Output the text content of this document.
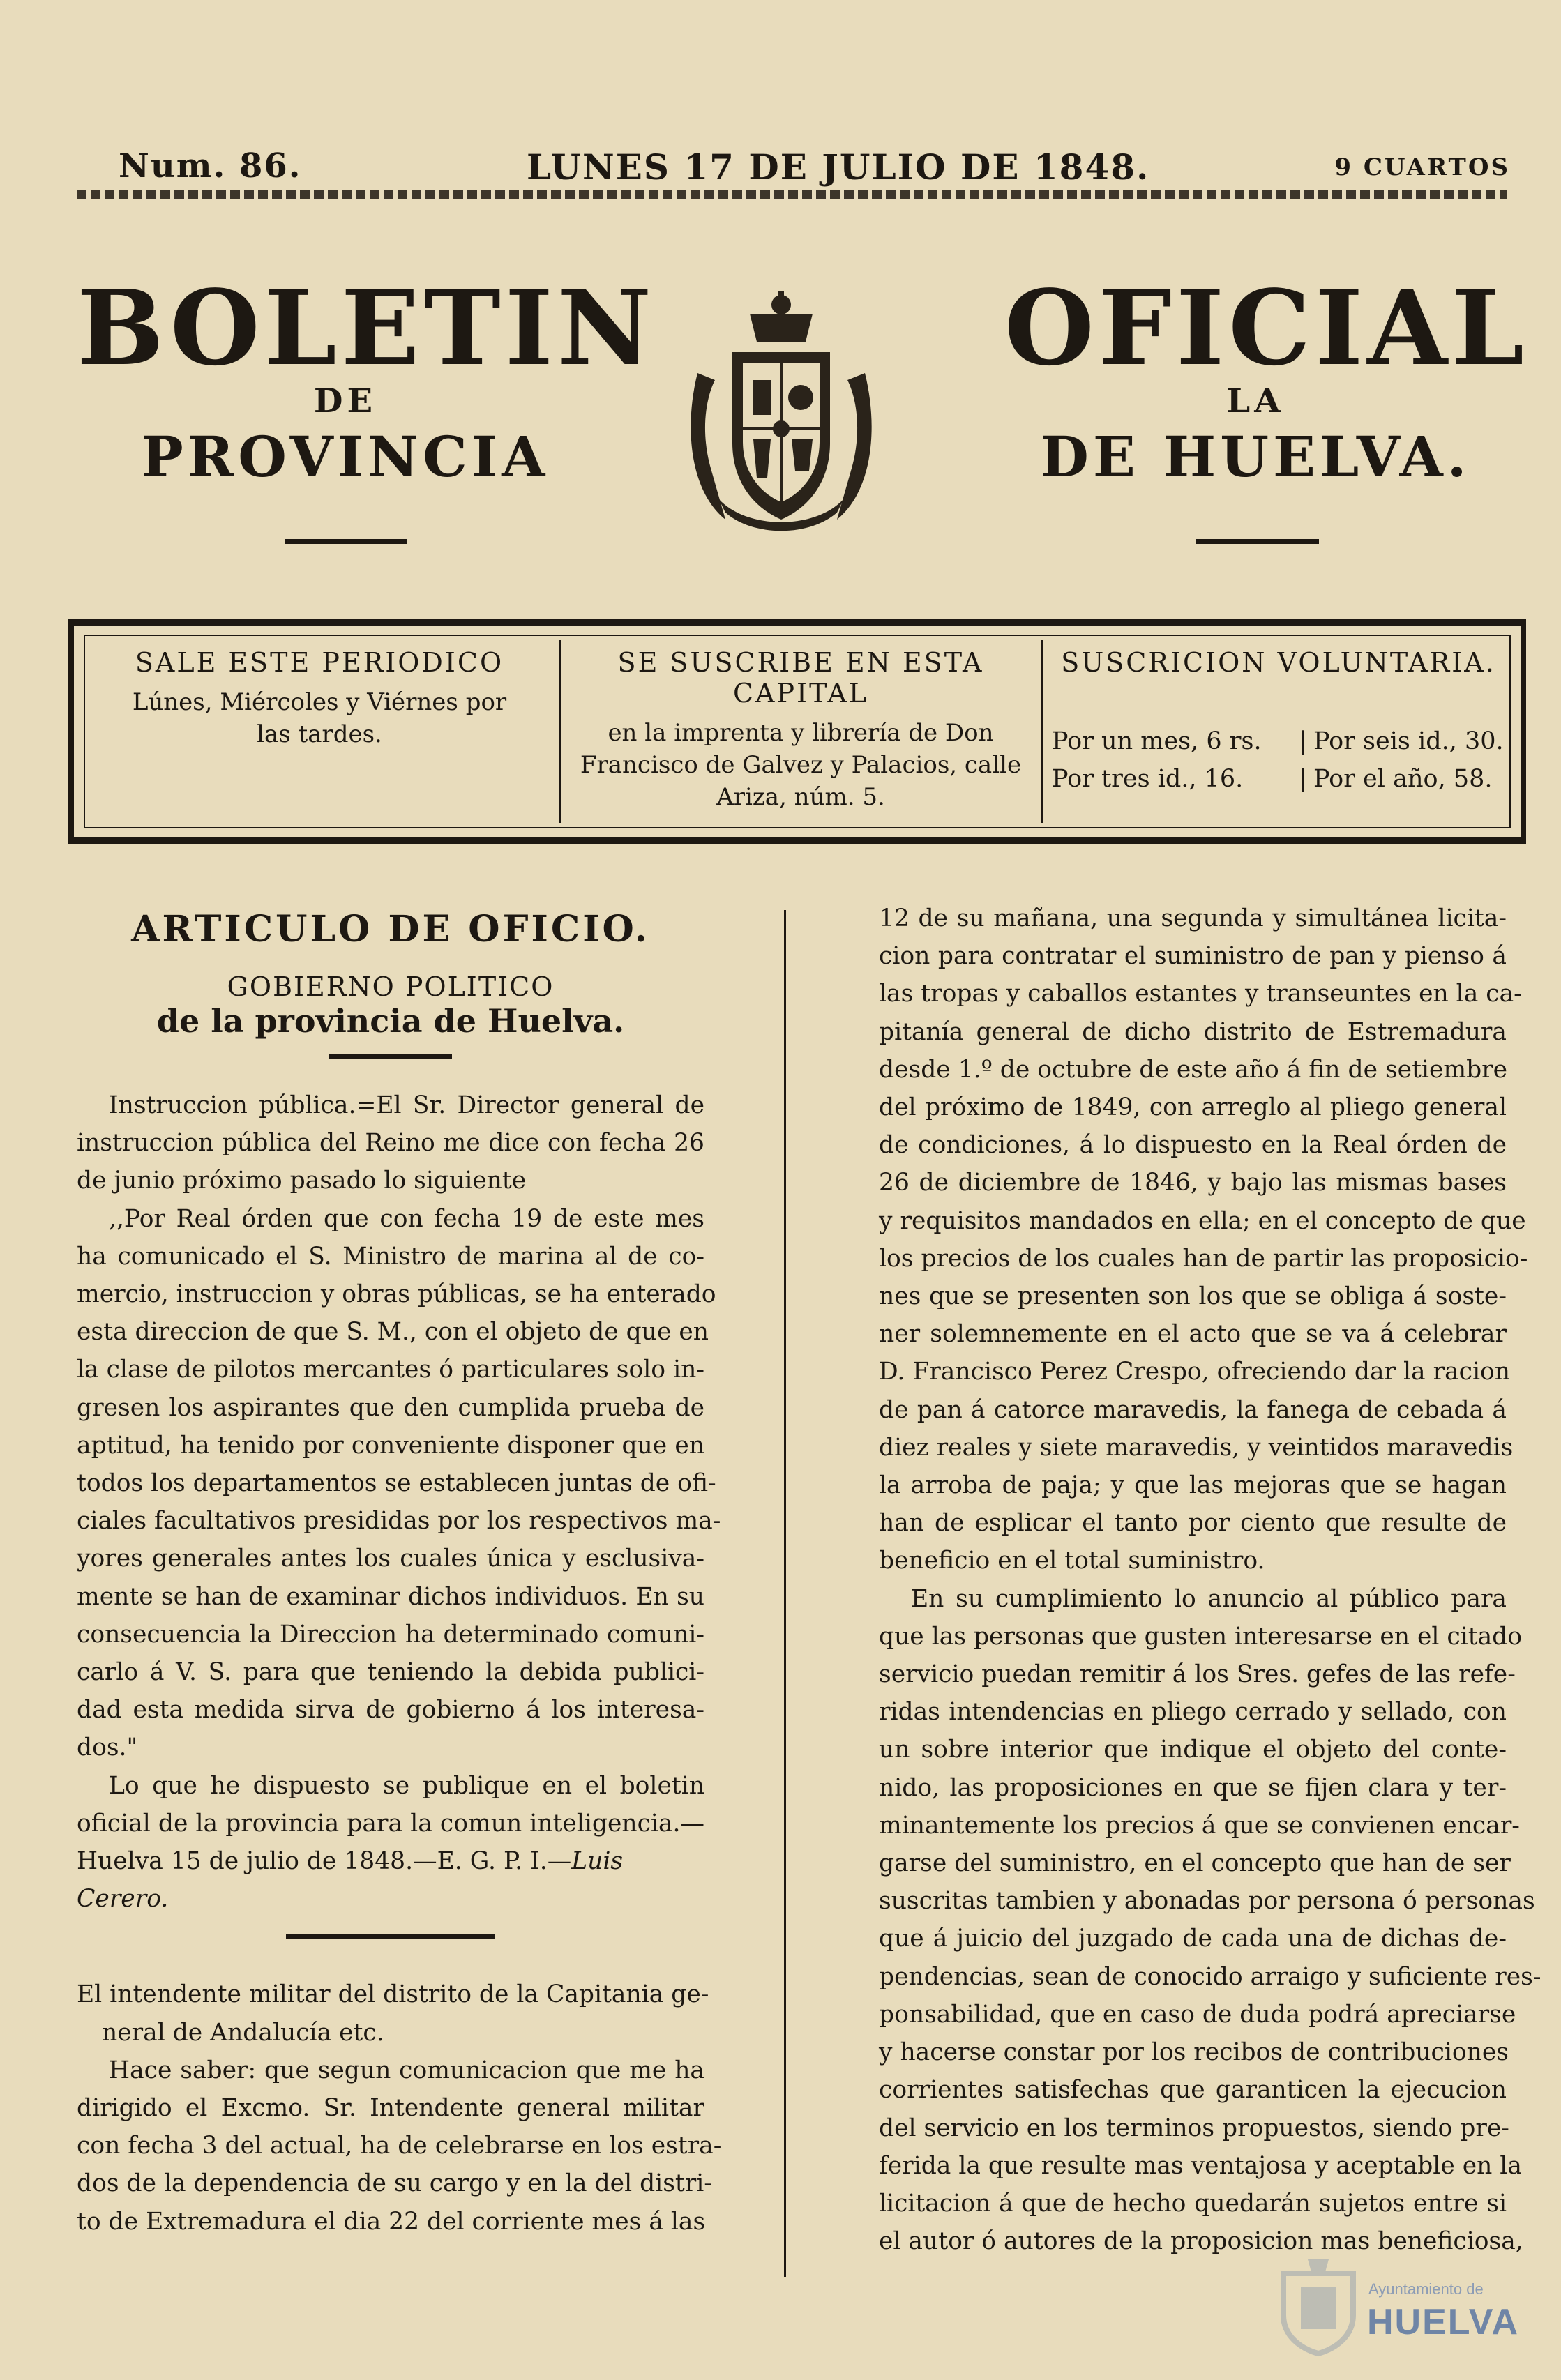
Num. 86.	LUNES 17 DE JULIO DE 1848.	9 CUARTOS
BOLETIN
DE
PROVINCIA
OFICIAL
LA
DE HUELVA.
SALE ESTE PERIODICO
Lúnes, Miércoles y Viérnes por las tardes.
SE SUSCRIBE EN ESTA CAPITAL
en la imprenta y librería de Don Francisco de Galvez y Palacios, calle Ariza, núm. 5.
SUSCRICION VOLUNTARIA.
Por un mes, 6 rs.	| Por seis id., 30.
Por tres id., 16.	| Por el año, 58.
ARTICULO DE OFICIO.
GOBIERNO POLITICO
de la provincia de Huelva.
Instruccion pública.=El Sr. Director general de
instruccion pública del Reino me dice con fecha 26
de junio próximo pasado lo siguiente
,,Por Real órden que con fecha 19 de este mes
ha comunicado el S. Ministro de marina al de co-
mercio, instruccion y obras públicas, se ha enterado
esta direccion de que S. M., con el objeto de que en
la clase de pilotos mercantes ó particulares solo in-
gresen los aspirantes que den cumplida prueba de
aptitud, ha tenido por conveniente disponer que en
todos los departamentos se establecen juntas de ofi-
ciales facultativos presididas por los respectivos ma-
yores generales antes los cuales única y esclusiva-
mente se han de examinar dichos individuos. En su
consecuencia la Direccion ha determinado comuni-
carlo á V. S. para que teniendo la debida publici-
dad esta medida sirva de gobierno á los interesa-
dos."
Lo que he dispuesto se publique en el boletin
oficial de la provincia para la comun inteligencia.—
Huelva 15 de julio de 1848.—E. G. P. I.—Luis
Cerero.
El intendente militar del distrito de la Capitania ge-
neral de Andalucía etc.
Hace saber: que segun comunicacion que me ha
dirigido el Excmo. Sr. Intendente general militar
con fecha 3 del actual, ha de celebrarse en los estra-
dos de la dependencia de su cargo y en la del distri-
to de Extremadura el dia 22 del corriente mes á las
12 de su mañana, una segunda y simultánea licita-
cion para contratar el suministro de pan y pienso á
las tropas y caballos estantes y transeuntes en la ca-
pitanía general de dicho distrito de Estremadura
desde 1.º de octubre de este año á fin de setiembre
del próximo de 1849, con arreglo al pliego general
de condiciones, á lo dispuesto en la Real órden de
26 de diciembre de 1846, y bajo las mismas bases
y requisitos mandados en ella; en el concepto de que
los precios de los cuales han de partir las proposicio-
nes que se presenten son los que se obliga á soste-
ner solemnemente en el acto que se va á celebrar
D. Francisco Perez Crespo, ofreciendo dar la racion
de pan á catorce maravedis, la fanega de cebada á
diez reales y siete maravedis, y veintidos maravedis
la arroba de paja; y que las mejoras que se hagan
han de esplicar el tanto por ciento que resulte de
beneficio en el total suministro.
En su cumplimiento lo anuncio al público para
que las personas que gusten interesarse en el citado
servicio puedan remitir á los Sres. gefes de las refe-
ridas intendencias en pliego cerrado y sellado, con
un sobre interior que indique el objeto del conte-
nido, las proposiciones en que se fijen clara y ter-
minantemente los precios á que se convienen encar-
garse del suministro, en el concepto que han de ser
suscritas tambien y abonadas por persona ó personas
que á juicio del juzgado de cada una de dichas de-
pendencias, sean de conocido arraigo y suficiente res-
ponsabilidad, que en caso de duda podrá apreciarse
y hacerse constar por los recibos de contribuciones
corrientes satisfechas que garanticen la ejecucion
del servicio en los terminos propuestos, siendo pre-
ferida la que resulte mas ventajosa y aceptable en la
licitacion á que de hecho quedarán sujetos entre si
el autor ó autores de la proposicion mas beneficiosa,
Ayuntamiento de
HUELVA
